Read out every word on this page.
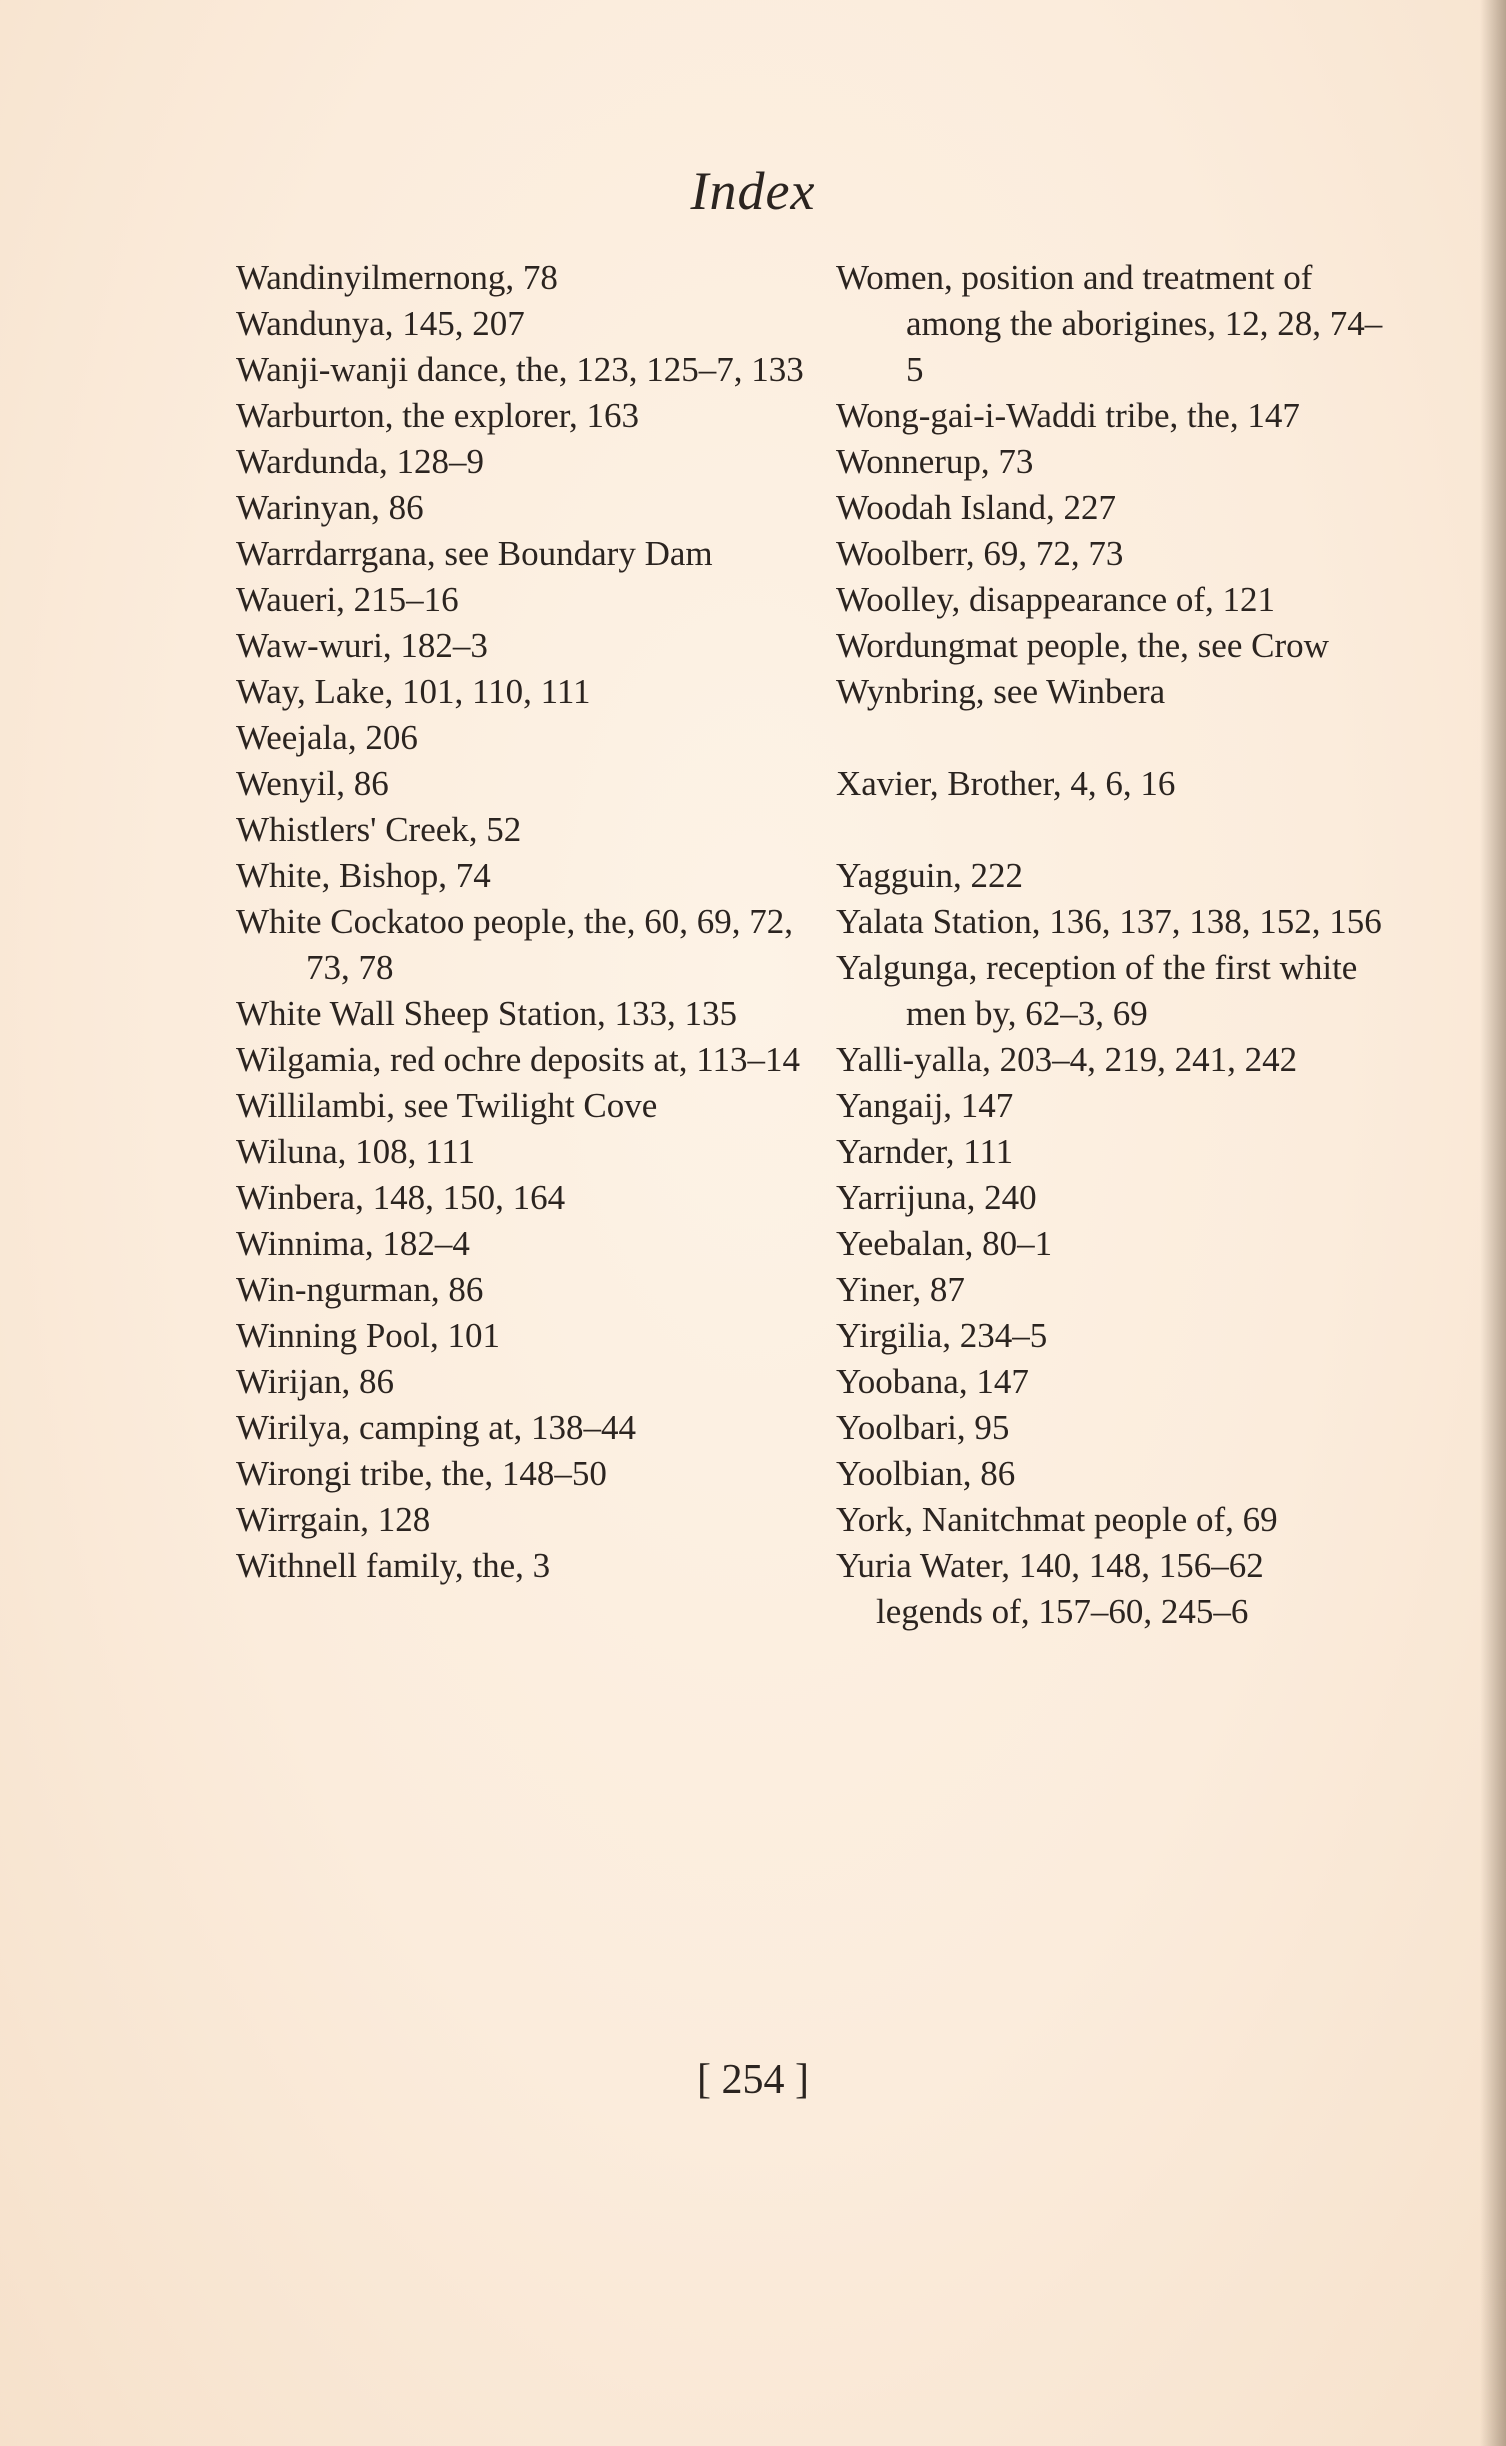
Index
Wandinyilmernong, 78
Wandunya, 145, 207
Wanji-wanji dance, the, 123, 125–7, 133
Warburton, the explorer, 163
Wardunda, 128–9
Warinyan, 86
Warrdarrgana, see Boundary Dam
Waueri, 215–16
Waw-wuri, 182–3
Way, Lake, 101, 110, 111
Weejala, 206
Wenyil, 86
Whistlers' Creek, 52
White, Bishop, 74
White Cockatoo people, the, 60, 69, 72, 73, 78
White Wall Sheep Station, 133, 135
Wilgamia, red ochre deposits at, 113–14
Willilambi, see Twilight Cove
Wiluna, 108, 111
Winbera, 148, 150, 164
Winnima, 182–4
Win-ngurman, 86
Winning Pool, 101
Wirijan, 86
Wirilya, camping at, 138–44
Wirongi tribe, the, 148–50
Wirrgain, 128
Withnell family, the, 3
Women, position and treatment of among the aborigines, 12, 28, 74–5
Wong-gai-i-Waddi tribe, the, 147
Wonnerup, 73
Woodah Island, 227
Woolberr, 69, 72, 73
Woolley, disappearance of, 121
Wordungmat people, the, see Crow
Wynbring, see Winbera
Xavier, Brother, 4, 6, 16
Yagguin, 222
Yalata Station, 136, 137, 138, 152, 156
Yalgunga, reception of the first white men by, 62–3, 69
Yalli-yalla, 203–4, 219, 241, 242
Yangaij, 147
Yarnder, 111
Yarrijuna, 240
Yeebalan, 80–1
Yiner, 87
Yirgilia, 234–5
Yoobana, 147
Yoolbari, 95
Yoolbian, 86
York, Nanitchmat people of, 69
Yuria Water, 140, 148, 156–62
legends of, 157–60, 245–6
[ 254 ]
